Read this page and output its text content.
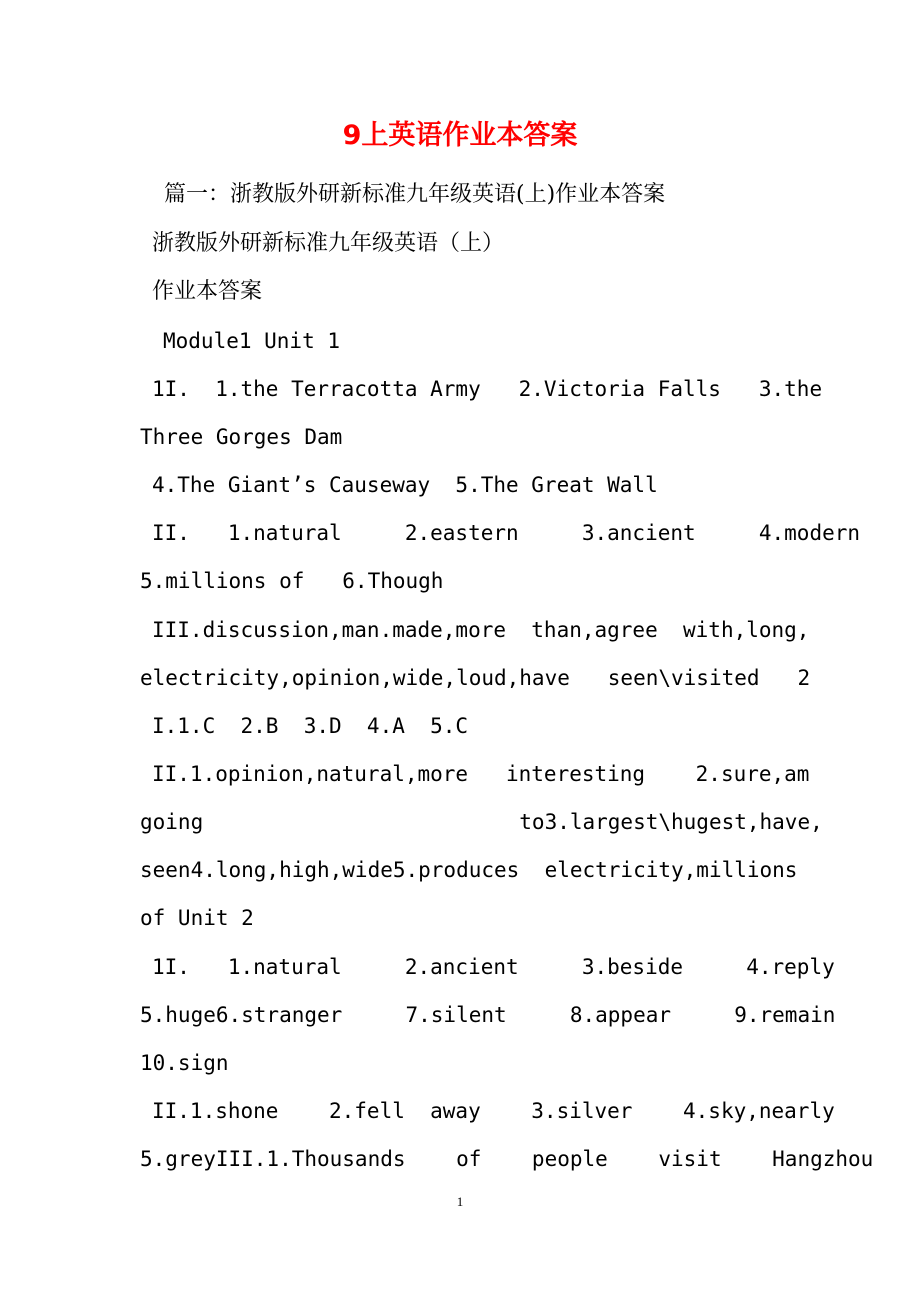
9上英语作业本答案
篇一：浙教版外研新标准九年级英语(上)作业本答案
浙教版外研新标准九年级英语（上）
作业本答案
Module1 Unit 1
1I.  1.the Terracotta Army   2.Victoria Falls   3.the
Three Gorges Dam
4.The Giant’s Causeway  5.The Great Wall
II.   1.natural     2.eastern     3.ancient     4.modern
5.millions of   6.Though
III.discussion,man.made,more  than,agree  with,long,
electricity,opinion,wide,loud,have   seen\visited   2
I.1.C  2.B  3.D  4.A  5.C
II.1.opinion,natural,more   interesting    2.sure,am
going                         to3.largest\hugest,have,
seen4.long,high,wide5.produces  electricity,millions
of Unit 2
1I.   1.natural     2.ancient     3.beside     4.reply
5.huge6.stranger     7.silent     8.appear     9.remain
10.sign
II.1.shone    2.fell  away    3.silver    4.sky,nearly
5.greyIII.1.Thousands    of    people    visit    Hangzhou
1
